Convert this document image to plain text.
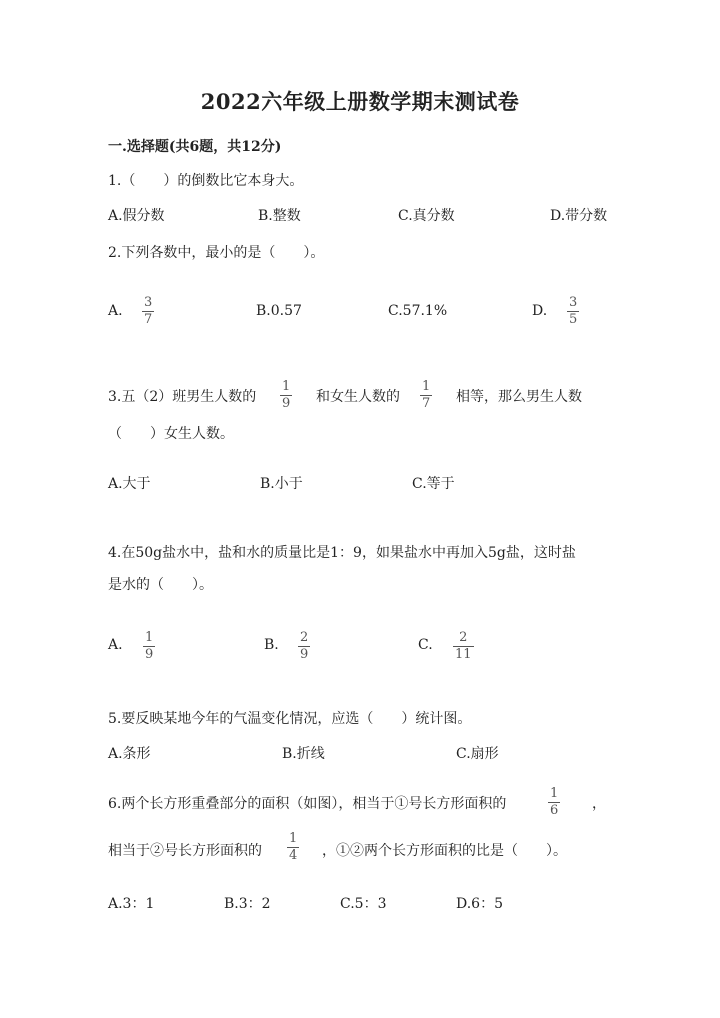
2022六年级上册数学期末测试卷
一.选择题(共6题，共12分)
1.（　　）的倒数比它本身大。
A.假分数	B.整数	C.真分数	D.带分数
2.下列各数中，最小的是（　　）。
A.
3
7
B.0.57	C.57.1%	D.
3
5
3.五（2）班男生人数的
1
9 和女生人数的
1
7 相等，那么男生人数
（　　）女生人数。
A.大于	B.小于	C.等于
4.在50g盐水中，盐和水的质量比是1：9，如果盐水中再加入5g盐，这时盐
是水的（　　）。
A. 1
9
B. 2
9
C. 2
11
5.要反映某地今年的气温变化情况，应选（　　）统计图。
A.条形	B.折线	C.扇形
6.两个长方形重叠部分的面积（如图），相当于①号长方形面积的
1
6 ，
相当于②号长方形面积的
1
4 ，①②两个长方形面积的比是（　　）。
A.3：1	B.3：2	C.5：3	D.6：5
